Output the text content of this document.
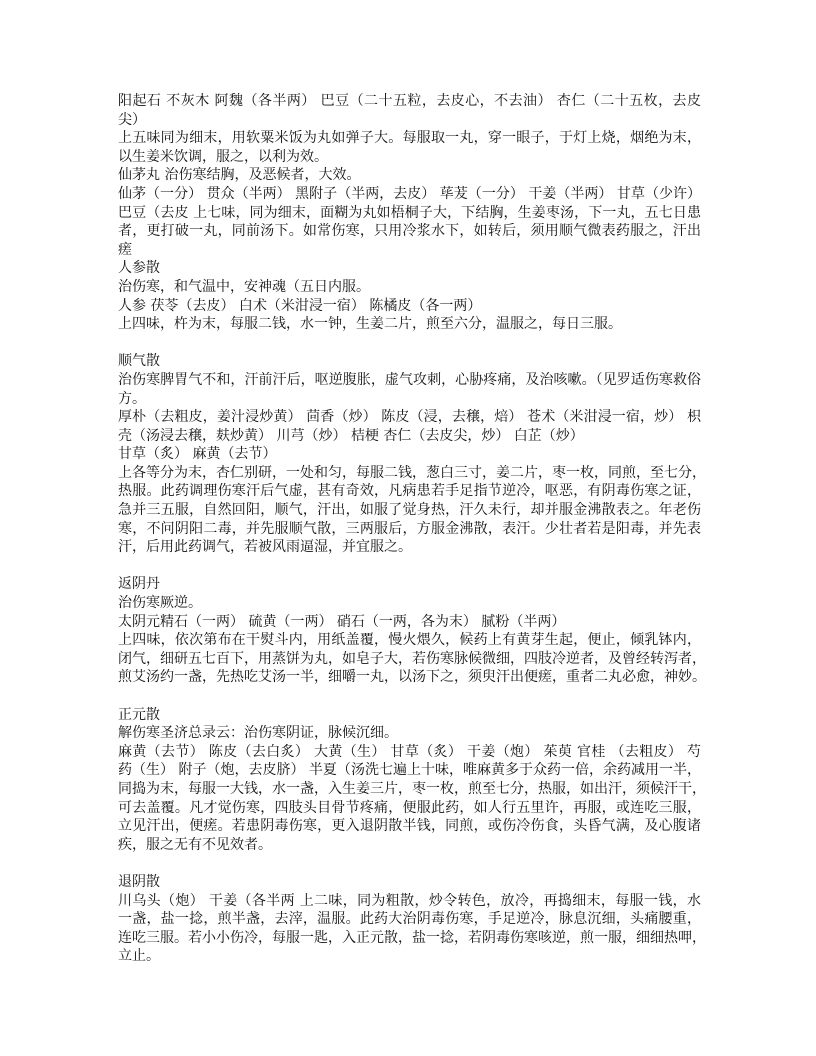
阳起石 不灰木 阿魏（各半两） 巴豆（二十五粒，去皮心，不去油） 杏仁（二十五枚，去皮
尖）
上五味同为细末，用软粟米饭为丸如弹子大。每服取一丸，穿一眼子，于灯上烧，烟绝为末，
以生姜米饮调，服之，以利为效。
仙茅丸 治伤寒结胸，及恶候者，大效。
仙茅（一分） 贯众（半两） 黑附子（半两，去皮） 荜茇（一分） 干姜（半两） 甘草（少许）
巴豆（去皮 上七味，同为细末，面糊为丸如梧桐子大，下结胸，生姜枣汤，下一丸，五七日患
者，更打破一丸，同前汤下。如常伤寒，只用冷浆水下，如转后，须用顺气微表药服之，汗出
瘥
人参散
治伤寒，和气温中，安神魂（五日内服。
人参 茯苓（去皮） 白术（米泔浸一宿） 陈橘皮（各一两）
上四味，杵为末，每服二钱，水一钟，生姜二片，煎至六分，温服之，每日三服。
顺气散
治伤寒脾胃气不和，汗前汗后，呕逆腹胀，虚气攻刺，心胁疼痛，及治咳嗽。（见罗适伤寒救俗
方。
厚朴（去粗皮，姜汁浸炒黄） 茴香（炒） 陈皮（浸，去穣，焙） 苍术（米泔浸一宿，炒） 枳
壳（汤浸去穣，麸炒黄） 川芎（炒） 桔梗 杏仁（去皮尖，炒） 白芷（炒）
甘草（炙） 麻黄（去节）
上各等分为末，杏仁别研，一处和匀，每服二钱，葱白三寸，姜二片，枣一枚，同煎，至七分，
热服。此药调理伤寒汗后气虚，甚有奇效，凡病患若手足指节逆冷，呕恶，有阴毒伤寒之证，
急并三五服，自然回阳，顺气，汗出，如服了觉身热，汗久未行，却并服金沸散表之。年老伤
寒，不问阴阳二毒，并先服顺气散，三两服后，方服金沸散，表汗。少壮者若是阳毒，并先表
汗，后用此药调气，若被风雨逼湿，并宜服之。
返阴丹
治伤寒厥逆。
太阴元精石（一两） 硫黄（一两） 硝石（一两，各为末） 腻粉（半两）
上四味，依次第布在干熨斗内，用纸盖覆，慢火煨久，候药上有黄芽生起，便止，倾乳钵内，
闭气，细研五七百下，用蒸饼为丸，如皂子大，若伤寒脉候微细，四肢冷逆者，及曾经转泻者，
煎艾汤约一盏，先热吃艾汤一半，细嚼一丸，以汤下之，须臾汗出便瘥，重者二丸必愈，神妙。
正元散
解伤寒圣济总录云：治伤寒阴证，脉候沉细。
麻黄（去节） 陈皮（去白炙） 大黄（生） 甘草（炙） 干姜（炮） 茱萸 官桂 （去粗皮） 芍
药（生） 附子（炮，去皮脐） 半夏（汤洗七遍上十味，唯麻黄多于众药一倍，余药减用一半，
同捣为末，每服一大钱，水一盏，入生姜三片，枣一枚，煎至七分，热服，如出汗，须候汗干，
可去盖覆。凡才觉伤寒，四肢头目骨节疼痛，便服此药，如人行五里许，再服，或连吃三服，
立见汗出，便瘥。若患阴毒伤寒，更入退阴散半钱，同煎，或伤冷伤食，头昏气满，及心腹诸
疾，服之无有不见效者。
退阴散
川乌头（炮） 干姜（各半两 上二味，同为粗散，炒令转色，放冷，再捣细末，每服一钱，水
一盏，盐一捻，煎半盏，去滓，温服。此药大治阴毒伤寒，手足逆冷，脉息沉细，头痛腰重，
连吃三服。若小小伤冷，每服一匙，入正元散，盐一捻，若阴毒伤寒咳逆，煎一服，细细热呷，
立止。
